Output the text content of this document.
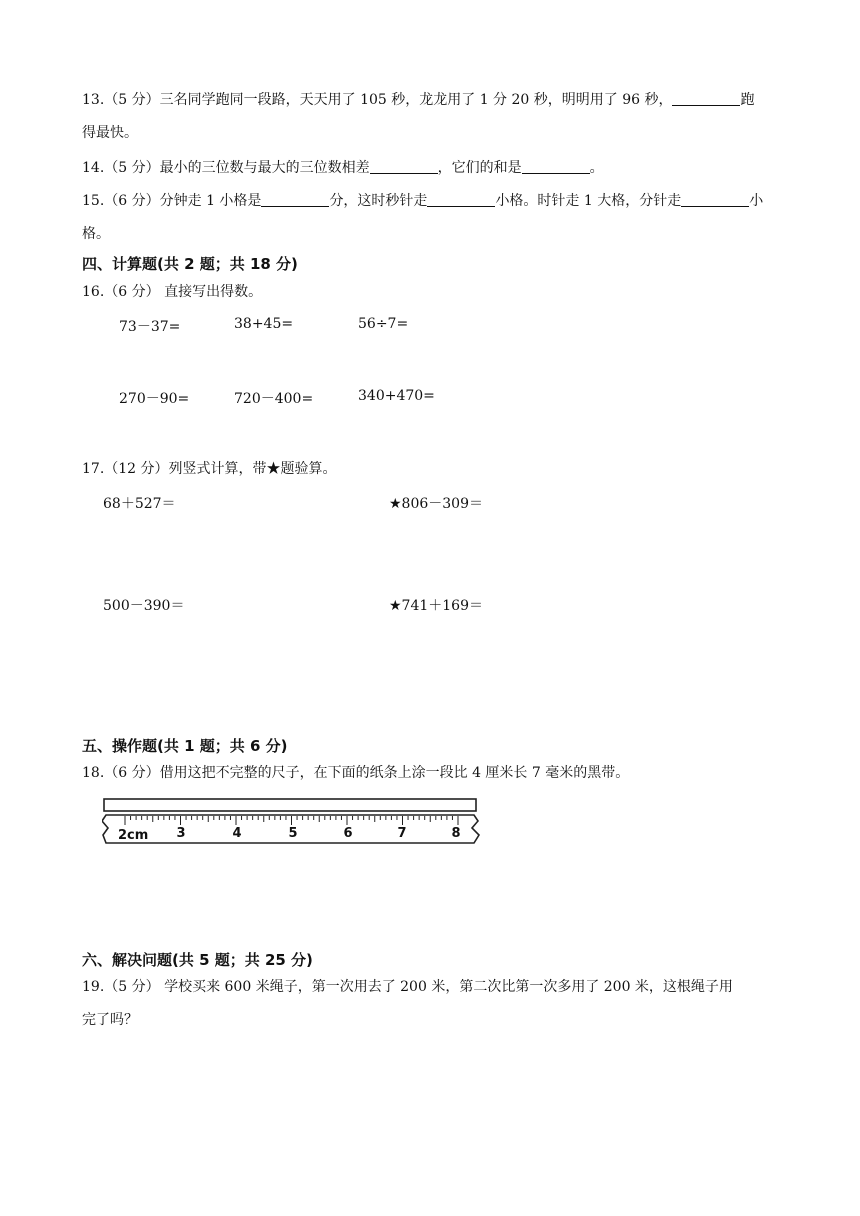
13.（5 分）三名同学跑同一段路，天天用了 105 秒，龙龙用了 1 分 20 秒，明明用了 96 秒，	跑
得最快。
14.（5 分）最小的三位数与最大的三位数相差	，它们的和是	。
15.（6 分）分钟走 1 小格是	分，这时秒针走	小格。时针走 1 大格，分针走	小
格。
四、计算题(共 2 题；共 18 分)
16.（6 分） 直接写出得数。
73－37=	38+45=	56÷7=
270－90=	720－400=	340+470=
17.（12 分）列竖式计算，带★题验算。
68＋527＝	★806－309＝
500－390＝	★741＋169＝
五、操作题(共 1 题；共 6 分)
18.（6 分）借用这把不完整的尺子，在下面的纸条上涂一段比 4 厘米长 7 毫米的黑带。
2cm 3	4	5	6	7	8
六、解决问题(共 5 题；共 25 分)
19.（5 分） 学校买来 600 米绳子，第一次用去了 200 米，第二次比第一次多用了 200 米，这根绳子用
完了吗？
